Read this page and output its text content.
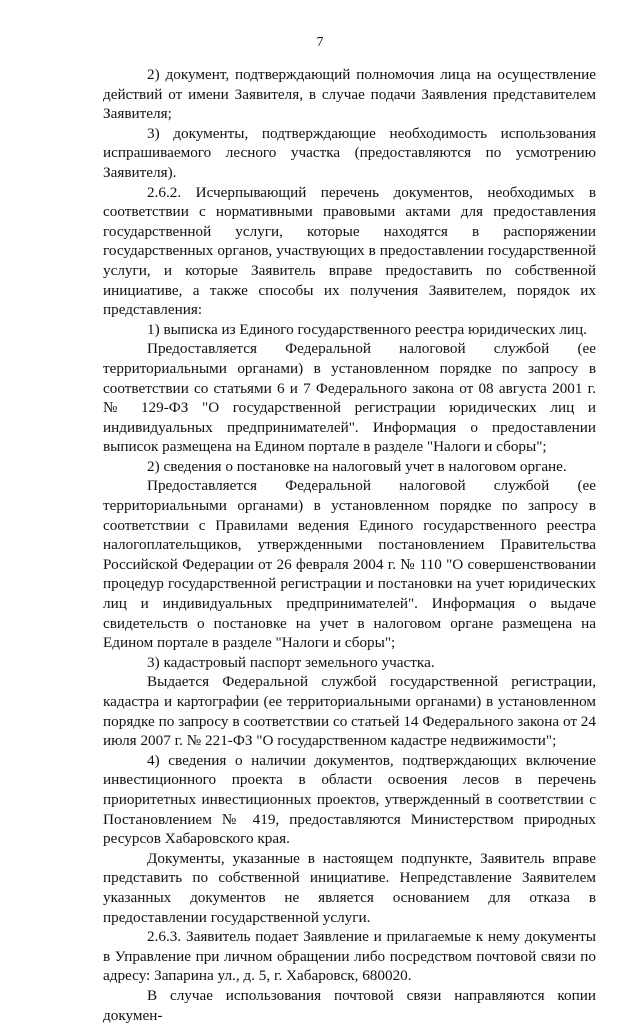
7

2) документ, подтверждающий полномочия лица на осуществление действий от имени Заявителя, в случае подачи Заявления представителем Заявителя;

3) документы, подтверждающие необходимость использования испрашиваемого лесного участка (предоставляются по усмотрению Заявителя).

2.6.2. Исчерпывающий перечень документов, необходимых в соответствии с нормативными правовыми актами для предоставления государственной услуги, которые находятся в распоряжении государственных органов, участвующих в предоставлении государственной услуги, и которые Заявитель вправе предоставить по собственной инициативе, а также способы их получения Заявителем, порядок их представления:

1) выписка из Единого государственного реестра юридических лиц.

Предоставляется Федеральной налоговой службой (ее территориальными органами) в установленном порядке по запросу в соответствии со статьями 6 и 7 Федерального закона от 08 августа 2001 г. № 129-ФЗ "О государственной регистрации юридических лиц и индивидуальных предпринимателей". Информация о предоставлении выписок размещена на Едином портале в разделе "Налоги и сборы";

2) сведения о постановке на налоговый учет в налоговом органе.

Предоставляется Федеральной налоговой службой (ее территориальными органами) в установленном порядке по запросу в соответствии с Правилами ведения Единого государственного реестра налогоплательщиков, утвержденными постановлением Правительства Российской Федерации от 26 февраля 2004 г. № 110 "О совершенствовании процедур государственной регистрации и постановки на учет юридических лиц и индивидуальных предпринимателей". Информация о выдаче свидетельств о постановке на учет в налоговом органе размещена на Едином портале в разделе "Налоги и сборы";

3) кадастровый паспорт земельного участка.

Выдается Федеральной службой государственной регистрации, кадастра и картографии (ее территориальными органами) в установленном порядке по запросу в соответствии со статьей 14 Федерального закона от 24 июля 2007 г. № 221-ФЗ "О государственном кадастре недвижимости";

4) сведения о наличии документов, подтверждающих включение инвестиционного проекта в области освоения лесов в перечень приоритетных инвестиционных проектов, утвержденный в соответствии с Постановлением № 419, предоставляются Министерством природных ресурсов Хабаровского края.

Документы, указанные в настоящем подпункте, Заявитель вправе представить по собственной инициативе. Непредставление Заявителем указанных документов не является основанием для отказа в предоставлении государственной услуги.

2.6.3. Заявитель подает Заявление и прилагаемые к нему документы в Управление при личном обращении либо посредством почтовой связи по адресу: Запарина ул., д. 5, г. Хабаровск, 680020.

В случае использования почтовой связи направляются копии докумен-
